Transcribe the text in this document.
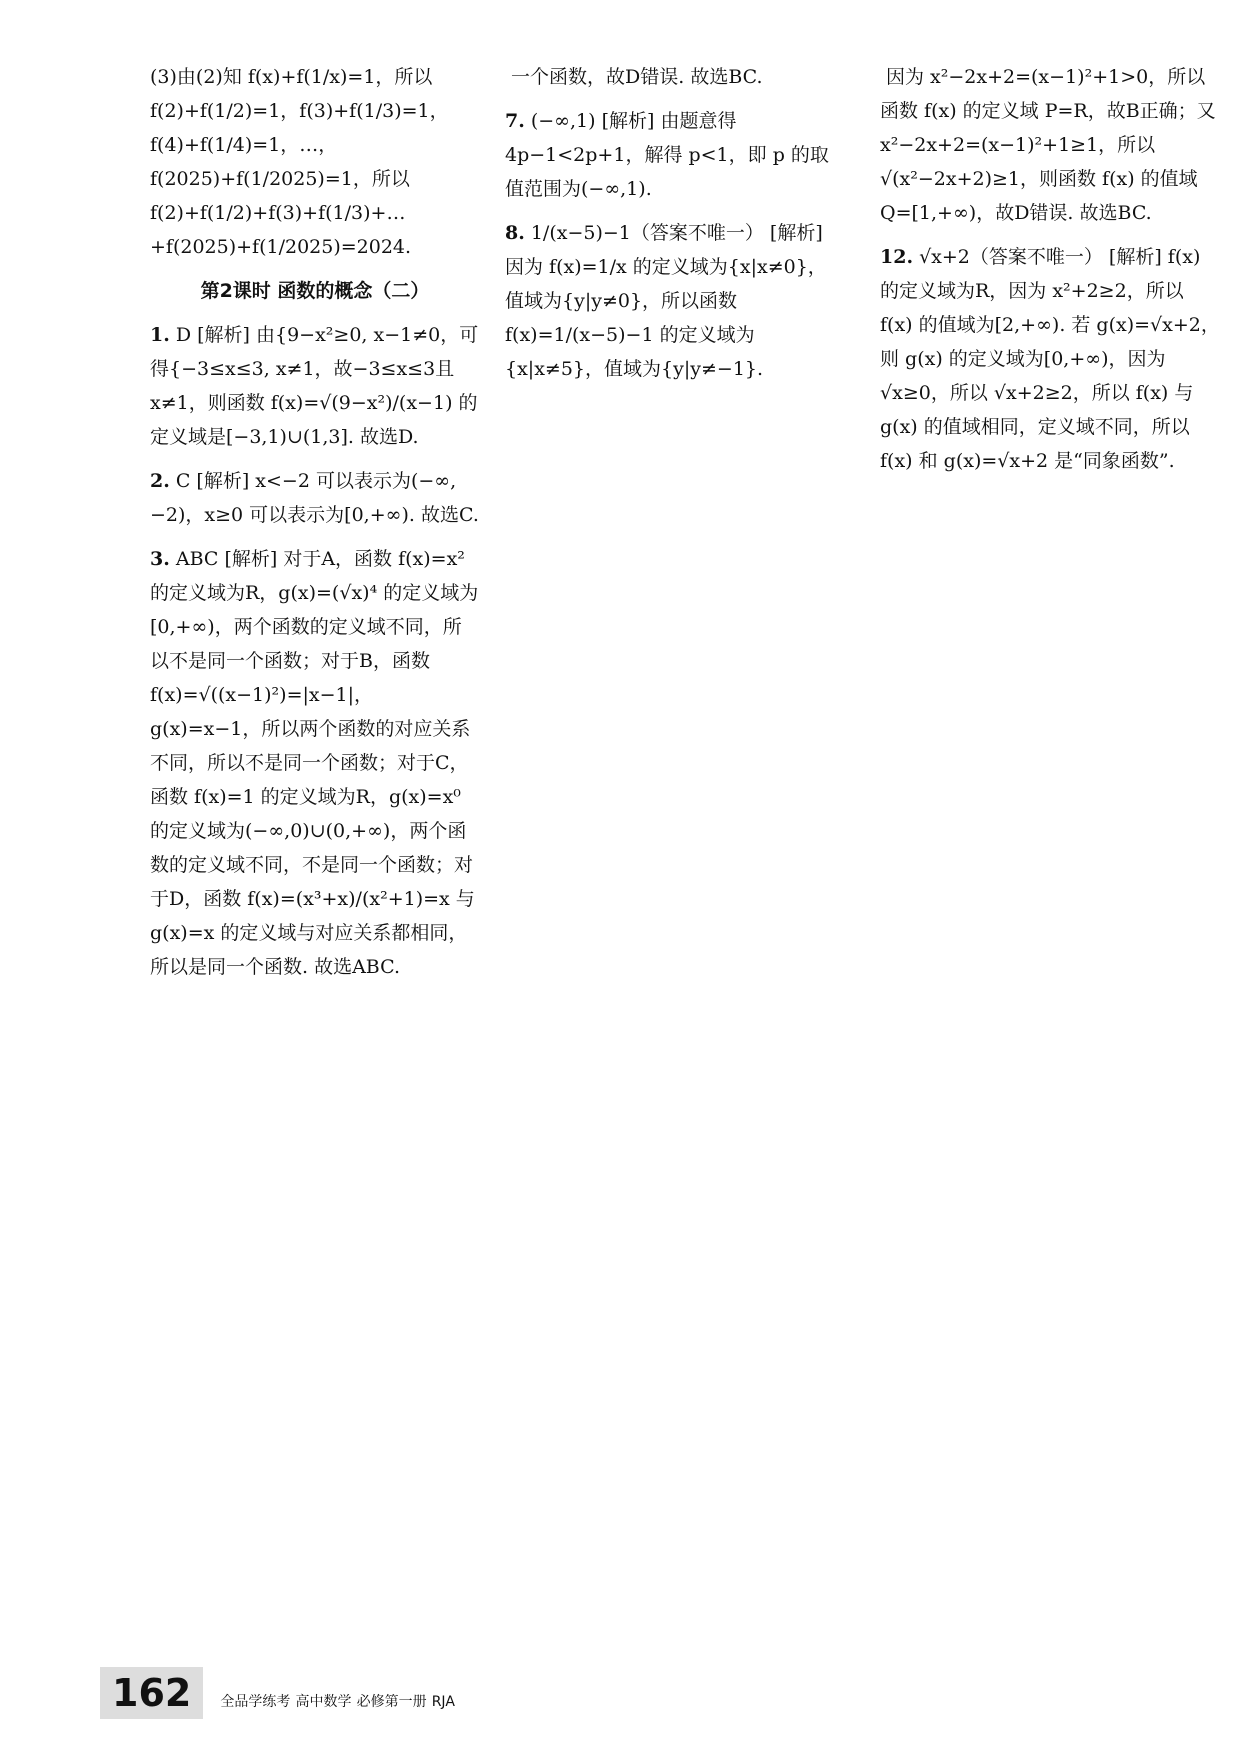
(3)由(2)知 f(x)+f(1/x)=1，所以 f(2)+f(1/2)=1，f(3)+f(1/3)=1，f(4)+f(1/4)=1，…，f(2025)+f(1/2025)=1，所以 f(2)+f(1/2)+f(3)+f(1/3)+…+f(2025)+f(1/2025)=2024.
第2课时 函数的概念（二）
1. D [解析] 由{9−x²≥0, x−1≠0，可得{−3≤x≤3, x≠1，故−3≤x≤3且x≠1，则函数 f(x)=√(9−x²)/(x−1) 的定义域是[−3,1)∪(1,3]. 故选D.
2. C [解析] x<−2 可以表示为(−∞,−2)，x≥0 可以表示为[0,+∞). 故选C.
3. ABC [解析] 对于A，函数 f(x)=x² 的定义域为R，g(x)=(√x)⁴ 的定义域为[0,+∞)，两个函数的定义域不同，所以不是同一个函数；对于B，函数 f(x)=√((x−1)²)=|x−1|，g(x)=x−1，所以两个函数的对应关系不同，所以不是同一个函数；对于C，函数 f(x)=1 的定义域为R，g(x)=x⁰ 的定义域为(−∞,0)∪(0,+∞)，两个函数的定义域不同，不是同一个函数；对于D，函数 f(x)=(x³+x)/(x²+1)=x 与 g(x)=x 的定义域与对应关系都相同，所以是同一个函数. 故选ABC.
一个函数，故D错误. 故选BC.
7. (−∞,1) [解析] 由题意得 4p−1<2p+1，解得 p<1，即 p 的取值范围为(−∞,1).
8. 1/(x−5)−1（答案不唯一） [解析] 因为 f(x)=1/x 的定义域为{x|x≠0}，值域为{y|y≠0}，所以函数 f(x)=1/(x−5)−1 的定义域为{x|x≠5}，值域为{y|y≠−1}.
因为 x²−2x+2=(x−1)²+1>0，所以函数 f(x) 的定义域 P=R，故B正确；又 x²−2x+2=(x−1)²+1≥1，所以 √(x²−2x+2)≥1，则函数 f(x) 的值域 Q=[1,+∞)，故D错误. 故选BC.
12. √x+2（答案不唯一） [解析] f(x) 的定义域为R，因为 x²+2≥2，所以 f(x) 的值域为[2,+∞). 若 g(x)=√x+2，则 g(x) 的定义域为[0,+∞)，因为 √x≥0，所以 √x+2≥2，所以 f(x) 与 g(x) 的值域相同，定义域不同，所以 f(x) 和 g(x)=√x+2 是“同象函数”.
162 全品学练考 高中数学 必修第一册 RJA
